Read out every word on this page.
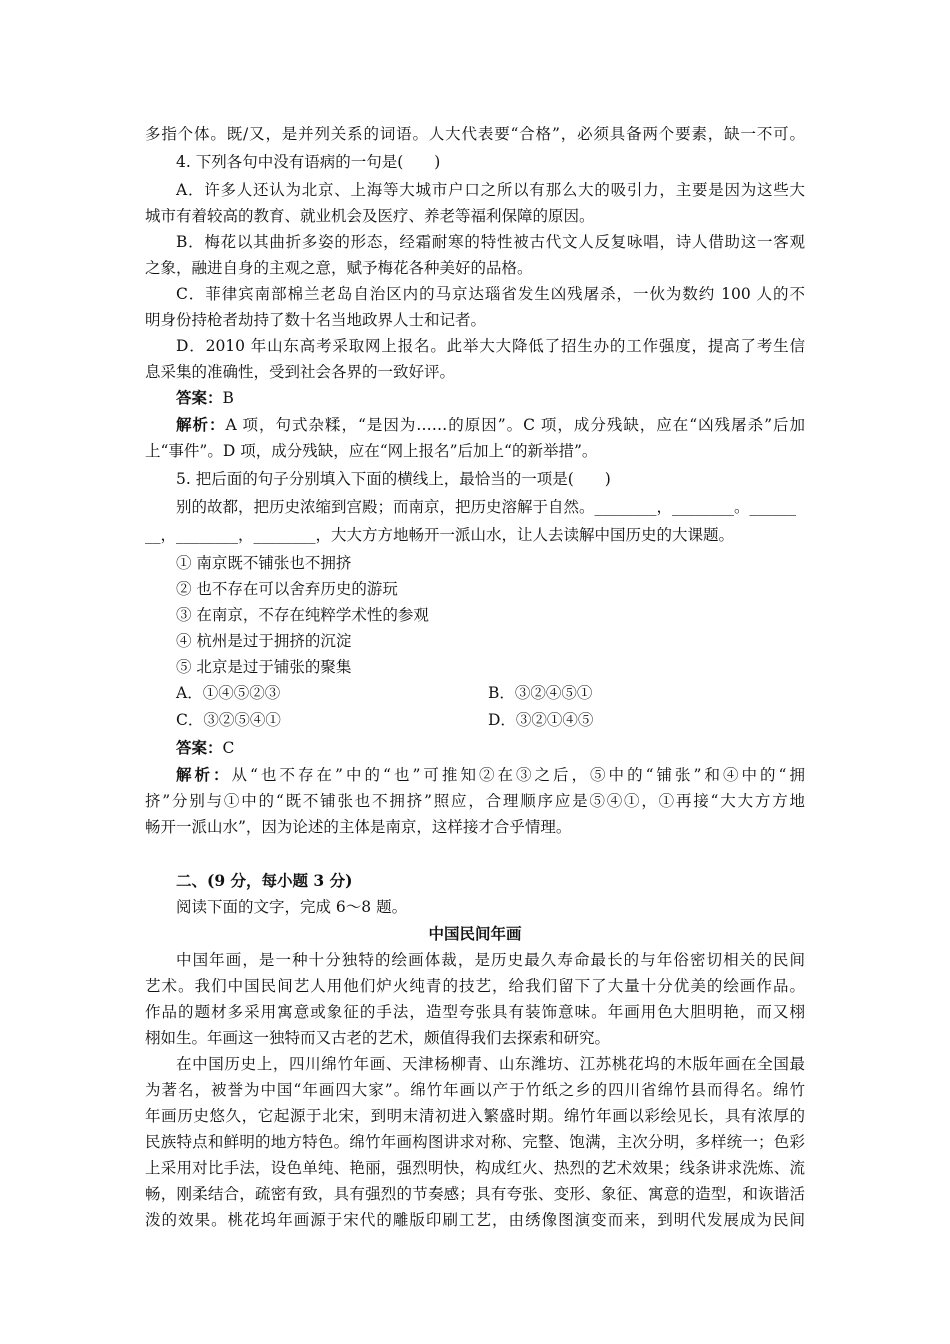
多指个体。既/又，是并列关系的词语。人大代表要“合格”，必须具备两个要素，缺一不可。
4. 下列各句中没有语病的一句是(　　)
A．许多人还认为北京、上海等大城市户口之所以有那么大的吸引力，主要是因为这些大
城市有着较高的教育、就业机会及医疗、养老等福利保障的原因。
B．梅花以其曲折多姿的形态，经霜耐寒的特性被古代文人反复咏唱，诗人借助这一客观
之象，融进自身的主观之意，赋予梅花各种美好的品格。
C．菲律宾南部棉兰老岛自治区内的马京达瑙省发生凶残屠杀，一伙为数约 100 人的不
明身份持枪者劫持了数十名当地政界人士和记者。
D．2010 年山东高考采取网上报名。此举大大降低了招生办的工作强度，提高了考生信
息采集的准确性，受到社会各界的一致好评。
答案：B
解析：A 项，句式杂糅，“是因为……的原因”。C 项，成分残缺，应在“凶残屠杀”后加
上“事件”。D 项，成分残缺，应在“网上报名”后加上“的新举措”。
5. 把后面的句子分别填入下面的横线上，最恰当的一项是(　　)
别的故都，把历史浓缩到宫殿；而南京，把历史溶解于自然。________，________。______
__，________，________，大大方方地畅开一派山水，让人去读解中国历史的大课题。
① 南京既不铺张也不拥挤
② 也不存在可以舍弃历史的游玩
③ 在南京，不存在纯粹学术性的参观
④ 杭州是过于拥挤的沉淀
⑤ 北京是过于铺张的聚集
A．①④⑤②③	B．③②④⑤①
C．③②⑤④①	D．③②①④⑤
答案：C
解析：从“也不存在”中的“也”可推知②在③之后，⑤中的“铺张”和④中的“拥
挤”分别与①中的“既不铺张也不拥挤”照应，合理顺序应是⑤④①，①再接“大大方方地
畅开一派山水”，因为论述的主体是南京，这样接才合乎情理。
二、(9 分，每小题 3 分)
阅读下面的文字，完成 6～8 题。
中国民间年画
中国年画，是一种十分独特的绘画体裁，是历史最久寿命最长的与年俗密切相关的民间
艺术。我们中国民间艺人用他们炉火纯青的技艺，给我们留下了大量十分优美的绘画作品。
作品的题材多采用寓意或象征的手法，造型夸张具有装饰意味。年画用色大胆明艳，而又栩
栩如生。年画这一独特而又古老的艺术，颇值得我们去探索和研究。
在中国历史上，四川绵竹年画、天津杨柳青、山东潍坊、江苏桃花坞的木版年画在全国最
为著名，被誉为中国“年画四大家”。绵竹年画以产于竹纸之乡的四川省绵竹县而得名。绵竹
年画历史悠久，它起源于北宋，到明末清初进入繁盛时期。绵竹年画以彩绘见长，具有浓厚的
民族特点和鲜明的地方特色。绵竹年画构图讲求对称、完整、饱满，主次分明，多样统一；色彩
上采用对比手法，设色单纯、艳丽，强烈明快，构成红火、热烈的艺术效果；线条讲求洗炼、流
畅，刚柔结合，疏密有致，具有强烈的节奏感；具有夸张、变形、象征、寓意的造型，和诙谐活
泼的效果。桃花坞年画源于宋代的雕版印刷工艺，由绣像图演变而来，到明代发展成为民间
